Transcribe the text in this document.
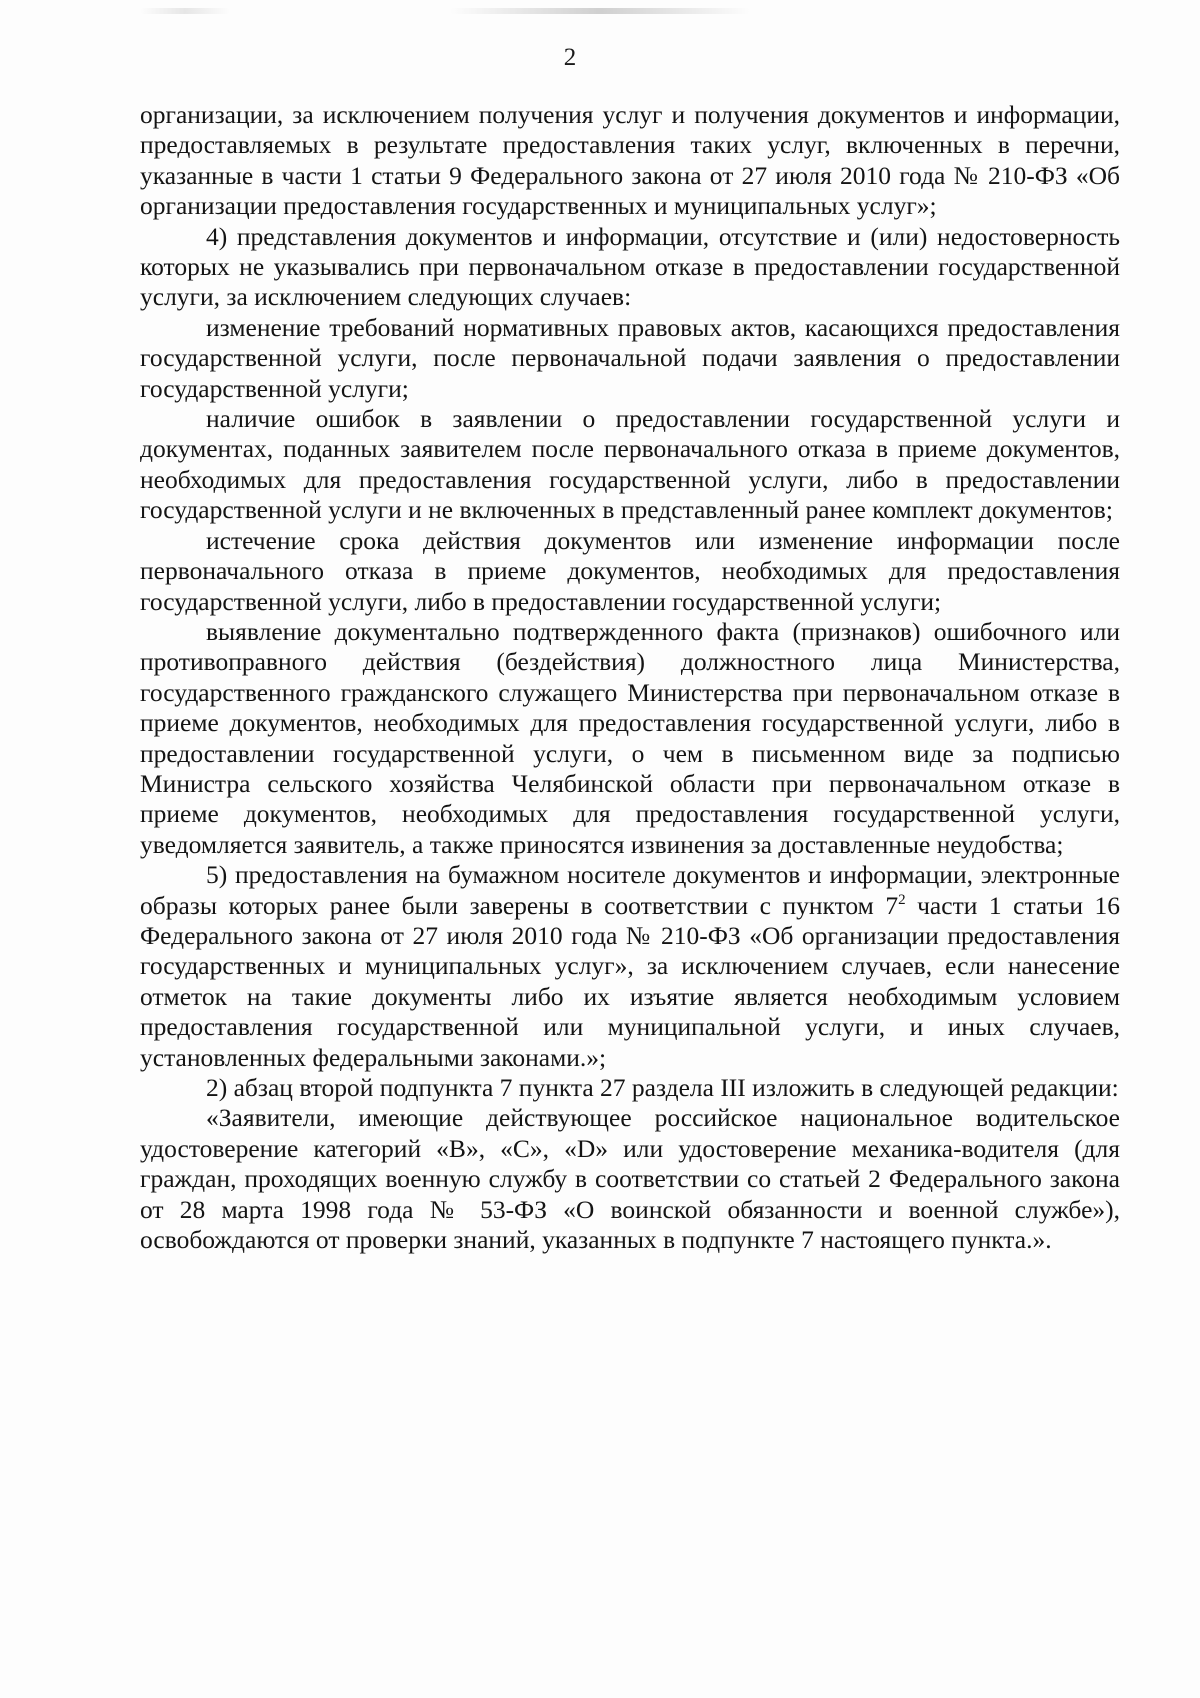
2

организации, за исключением получения услуг и получения документов и информации, предоставляемых в результате предоставления таких услуг, включенных в перечни, указанные в части 1 статьи 9 Федерального закона от 27 июля 2010 года № 210-ФЗ «Об организации предоставления государственных и муниципальных услуг»;

4) представления документов и информации, отсутствие и (или) недостоверность которых не указывались при первоначальном отказе в предоставлении государственной услуги, за исключением следующих случаев:

изменение требований нормативных правовых актов, касающихся предоставления государственной услуги, после первоначальной подачи заявления о предоставлении государственной услуги;

наличие ошибок в заявлении о предоставлении государственной услуги и документах, поданных заявителем после первоначального отказа в приеме документов, необходимых для предоставления государственной услуги, либо в предоставлении государственной услуги и не включенных в представленный ранее комплект документов;

истечение срока действия документов или изменение информации после первоначального отказа в приеме документов, необходимых для предоставления государственной услуги, либо в предоставлении государственной услуги;

выявление документально подтвержденного факта (признаков) ошибочного или противоправного действия (бездействия) должностного лица Министерства, государственного гражданского служащего Министерства при первоначальном отказе в приеме документов, необходимых для предоставления государственной услуги, либо в предоставлении государственной услуги, о чем в письменном виде за подписью Министра сельского хозяйства Челябинской области при первоначальном отказе в приеме документов, необходимых для предоставления государственной услуги, уведомляется заявитель, а также приносятся извинения за доставленные неудобства;

5) предоставления на бумажном носителе документов и информации, электронные образы которых ранее были заверены в соответствии с пунктом $7^2$ части 1 статьи 16 Федерального закона от 27 июля 2010 года № 210-ФЗ «Об организации предоставления государственных и муниципальных услуг», за исключением случаев, если нанесение отметок на такие документы либо их изъятие является необходимым условием предоставления государственной или муниципальной услуги, и иных случаев, установленных федеральными законами.»;

2) абзац второй подпункта 7 пункта 27 раздела III изложить в следующей редакции:

«Заявители, имеющие действующее российское национальное водительское удостоверение категорий «B», «C», «D» или удостоверение механика-водителя (для граждан, проходящих военную службу в соответствии со статьей 2 Федерального закона от 28 марта 1998 года № 53-ФЗ «О воинской обязанности и военной службе»), освобождаются от проверки знаний, указанных в подпункте 7 настоящего пункта.».
